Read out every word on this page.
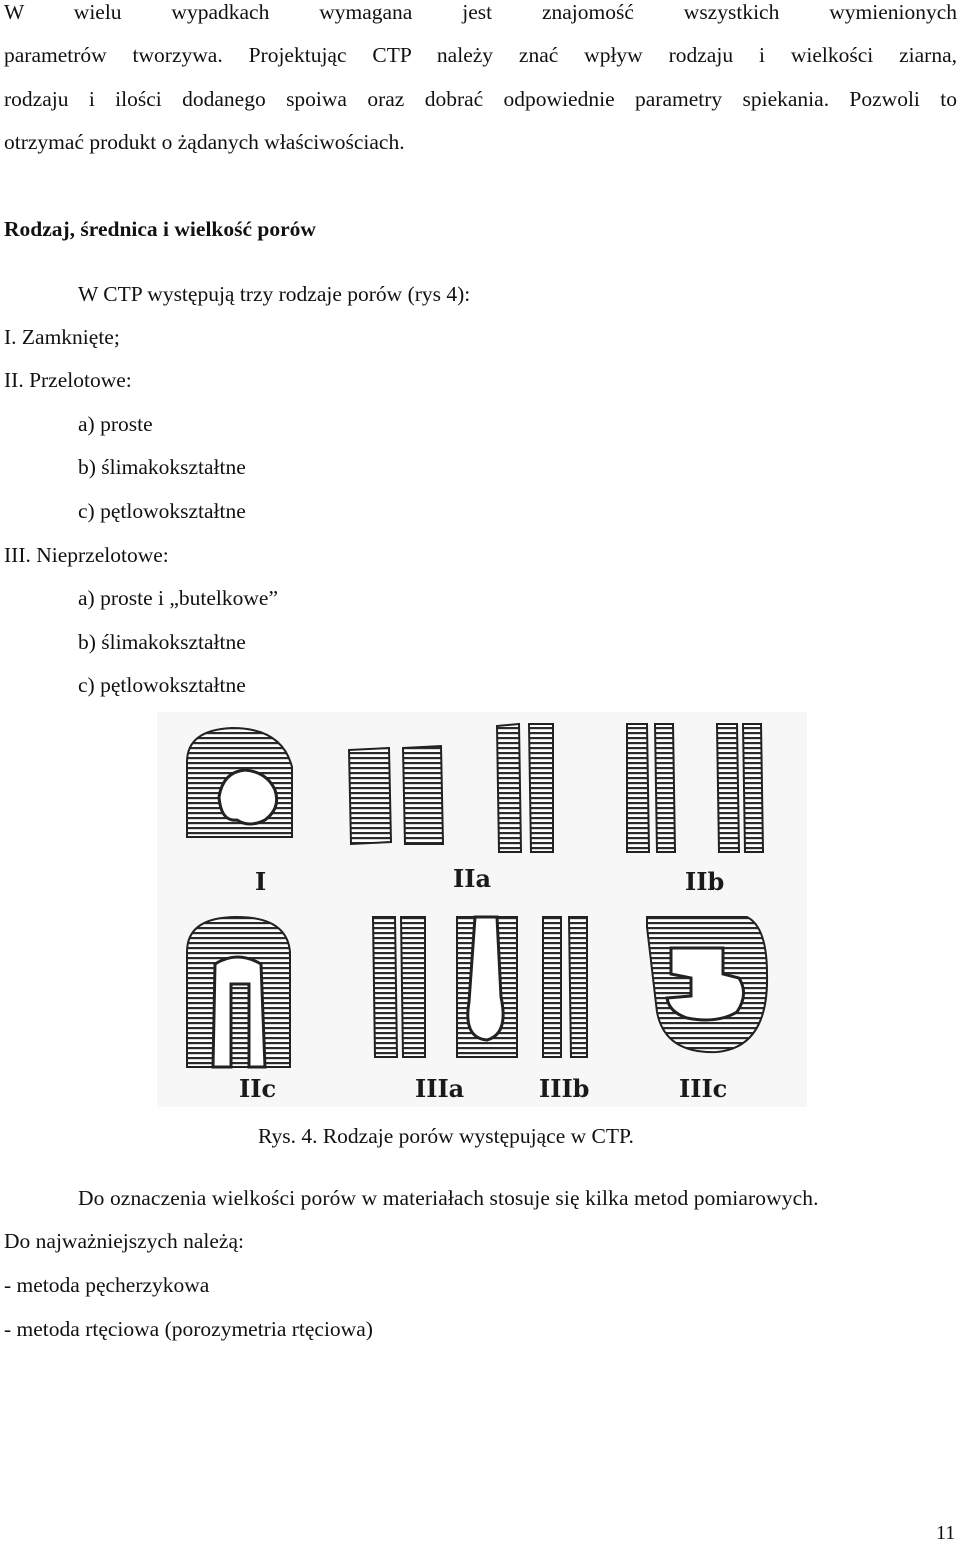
W wielu wypadkach wymagana jest znajomość wszystkich wymienionych
parametrów tworzywa. Projektując CTP należy znać wpływ rodzaju i wielkości ziarna,
rodzaju i ilości dodanego spoiwa oraz dobrać odpowiednie parametry spiekania. Pozwoli to
otrzymać produkt o żądanych właściwościach.
Rodzaj, średnica i wielkość porów
W CTP występują trzy rodzaje porów (rys 4):
I. Zamknięte;
II. Przelotowe:
a) proste
b) ślimakokształtne
c) pętlowokształtne
III. Nieprzelotowe:
a) proste i „butelkowe”
b) ślimakokształtne
c) pętlowokształtne
I	IIa	IIb
IIc	IIIa	IIIb	IIIc
Rys. 4. Rodzaje porów występujące w CTP.
Do oznaczenia wielkości porów w materiałach stosuje się kilka metod pomiarowych.
Do najważniejszych należą:
- metoda pęcherzykowa
- metoda rtęciowa (porozymetria rtęciowa)
11
